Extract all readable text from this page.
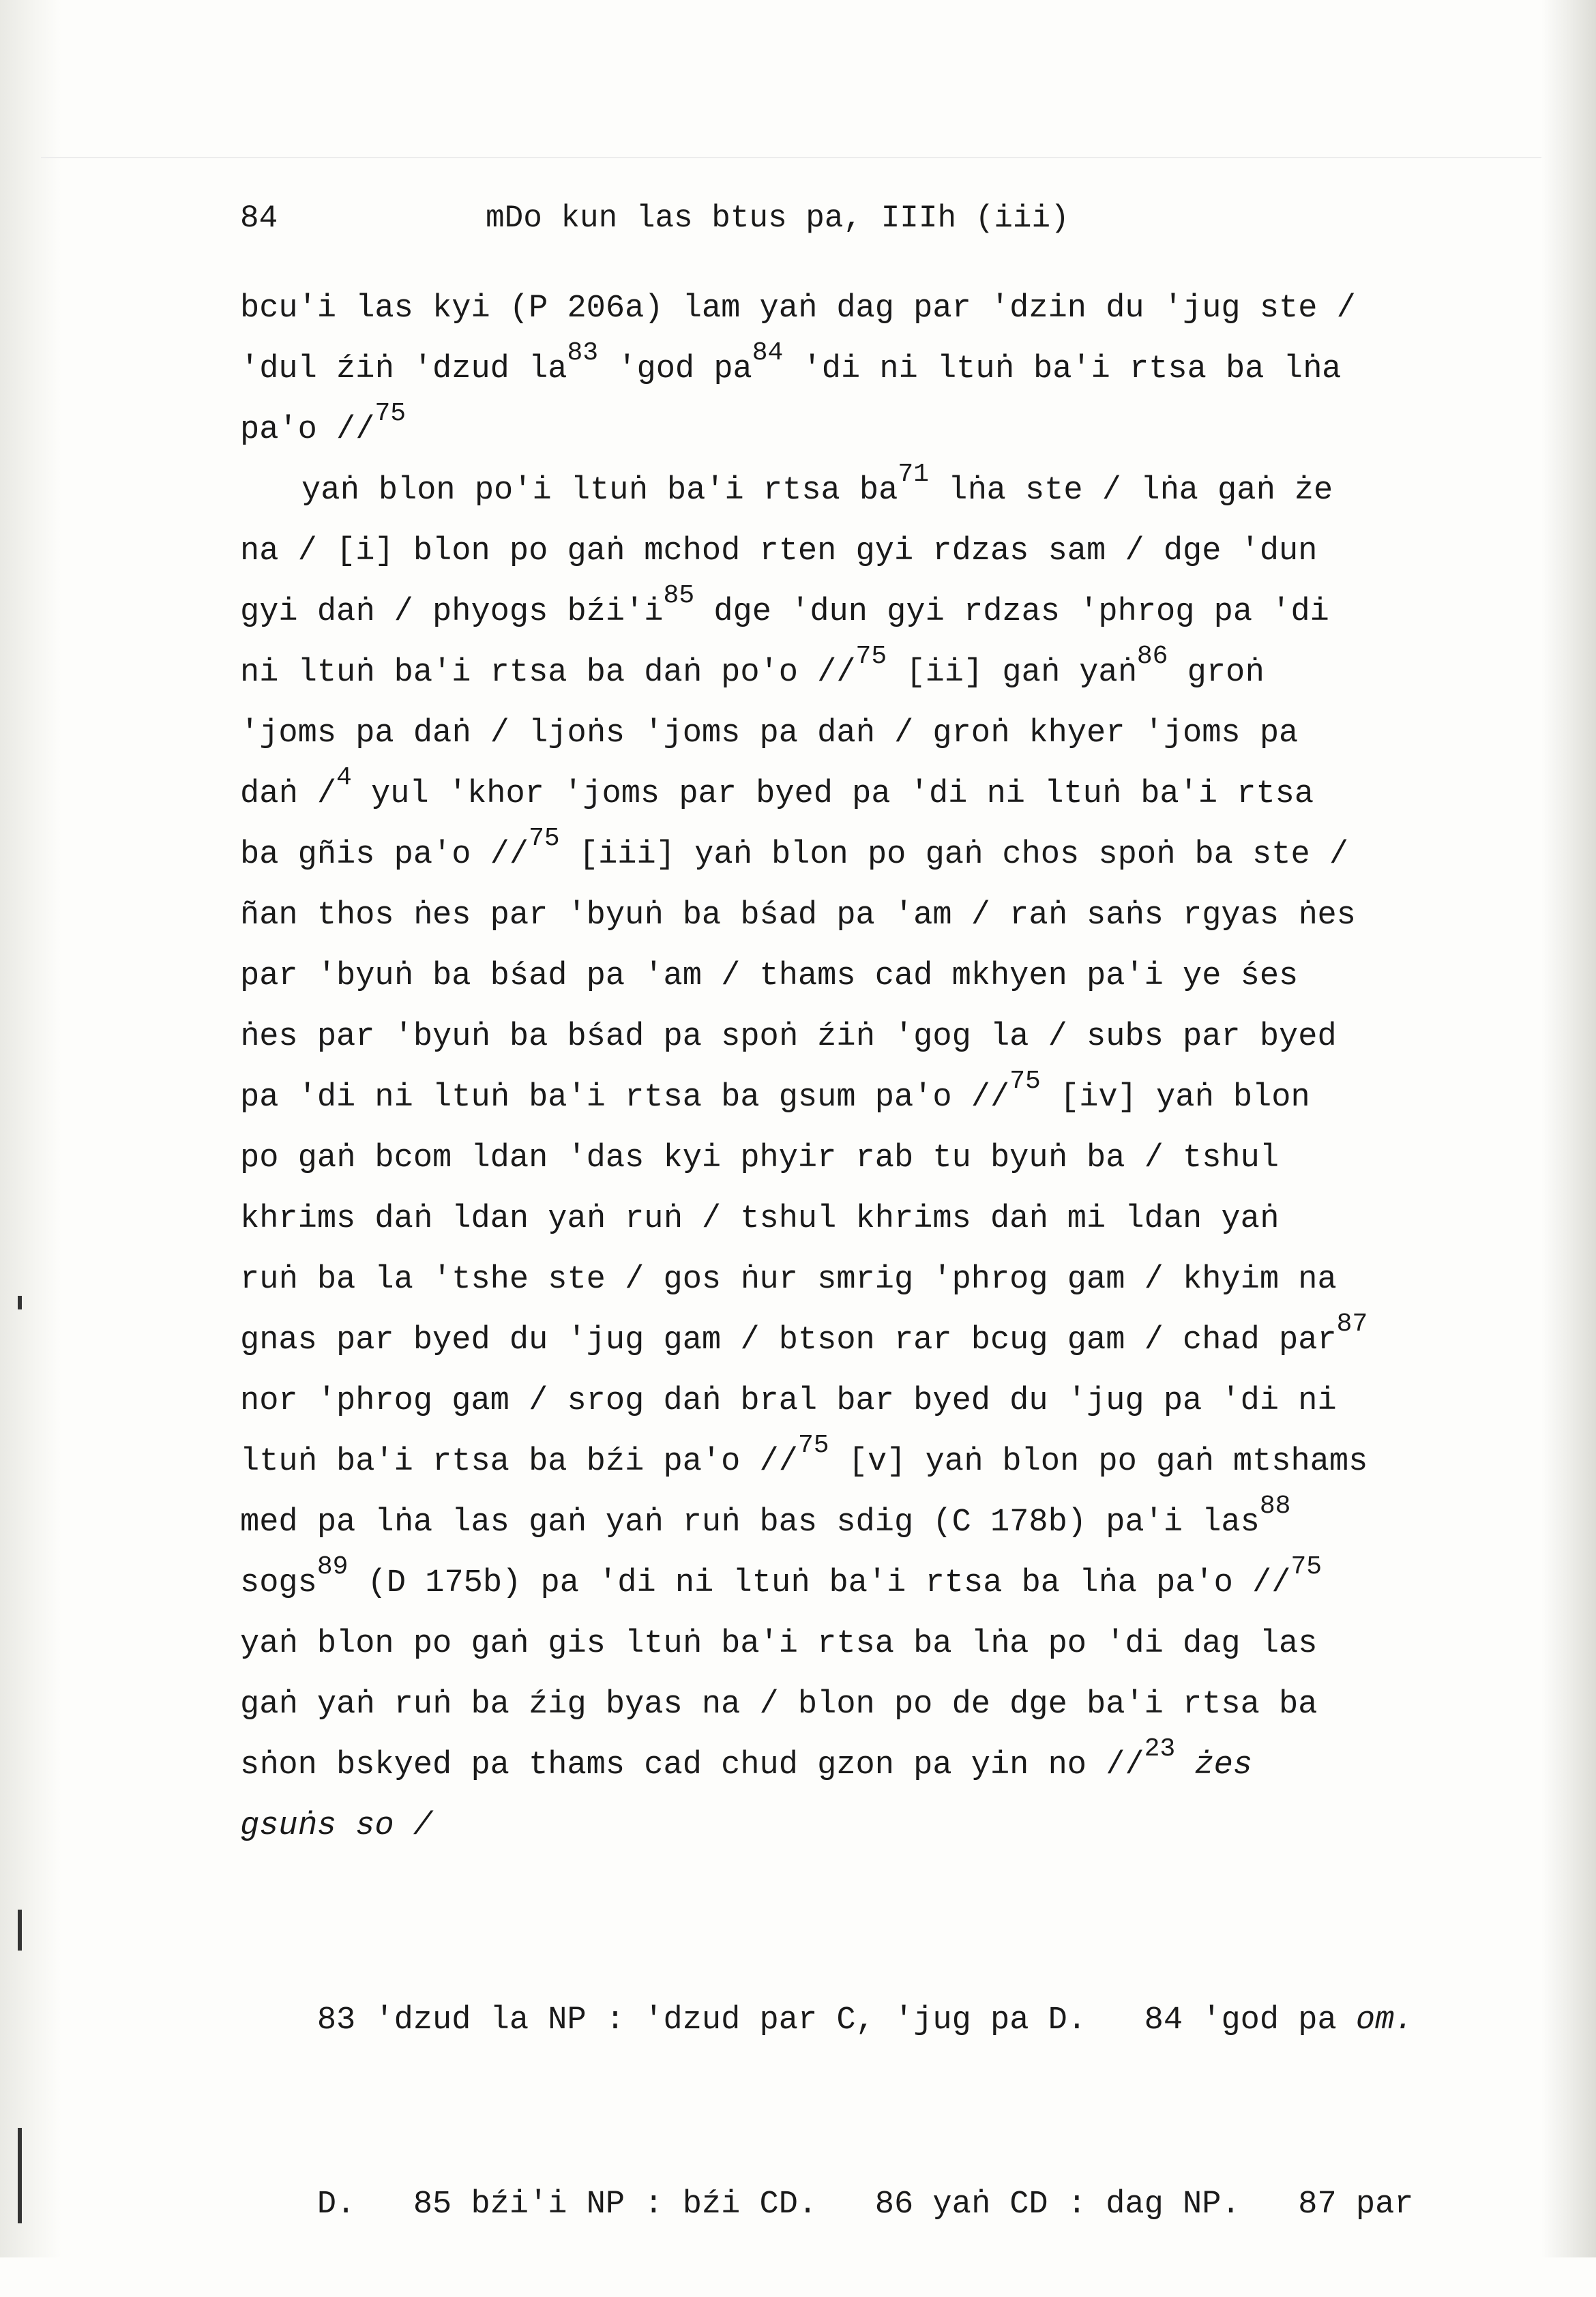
84

	mDo kun las btus pa, IIIh (iii)

bcu'i las kyi (P 206a) lam yaṅ dag par 'dzin du 'jug ste /
'dul źiṅ 'dzud $la^{83}$ 'god $pa^{84}$ 'di ni ltuṅ ba'i rtsa ba lṅa
pa'o //$^{75}$
yaṅ blon po'i ltuṅ ba'i rtsa $ba^{71}$ lṅa ste / lṅa gaṅ że
na / [i] blon po gaṅ mchod rten gyi rdzas sam / dge 'dun
gyi daṅ / phyogs $bźi'i^{85}$ dge 'dun gyi rdzas 'phrog pa 'di
ni ltuṅ ba'i rtsa ba daṅ po'o //$^{75}$ [ii] gaṅ yaṅ$^{86}$ groṅ
'joms pa daṅ / ljoṅs 'joms pa daṅ / groṅ khyer 'joms pa
daṅ /$^4$ yul 'khor 'joms par byed pa 'di ni ltuṅ ba'i rtsa
ba gñis pa'o //$^{75}$ [iii] yaṅ blon po gaṅ chos spoṅ ba ste /
ñan thos ṅes par 'byuṅ ba bśad pa 'am / raṅ saṅs rgyas ṅes
par 'byuṅ ba bśad pa 'am / thams cad mkhyen pa'i ye śes
ṅes par 'byuṅ ba bśad pa spoṅ źiṅ 'gog la / subs par byed
pa 'di ni ltuṅ ba'i rtsa ba gsum pa'o //$^{75}$ [iv] yaṅ blon
po gaṅ bcom ldan 'das kyi phyir rab tu byuṅ ba / tshul
khrims daṅ ldan yaṅ ruṅ / tshul khrims daṅ mi ldan yaṅ
ruṅ ba la 'tshe ste / gos ṅur smrig 'phrog gam / khyim na
gnas par byed du 'jug gam / btson rar bcug gam / chad par$^{87}$
nor 'phrog gam / srog daṅ bral bar byed du 'jug pa 'di ni
ltuṅ ba'i rtsa ba bźi pa'o //$^{75}$ [v] yaṅ blon po gaṅ mtshams
med pa lṅa las gaṅ yaṅ ruṅ bas sdig (C 178b) pa'i las$^{88}$
sogs$^{89}$ (D 175b) pa 'di ni ltuṅ ba'i rtsa ba lṅa pa'o //$^{75}$
yaṅ blon po gaṅ gis ltuṅ ba'i rtsa ba lṅa po 'di dag las
gaṅ yaṅ ruṅ ba źig byas na / blon po de dge ba'i rtsa ba
sṅon bskyed pa thams cad chud gzon pa yin no //$^{23}$ żes
gsuṅs so /

83 'dzud la NP : 'dzud par C, 'jug pa D.   84 'god pa om.

D.   85 bźi'i NP : bźi CD.   86 yaṅ CD : dag NP.   87 par
